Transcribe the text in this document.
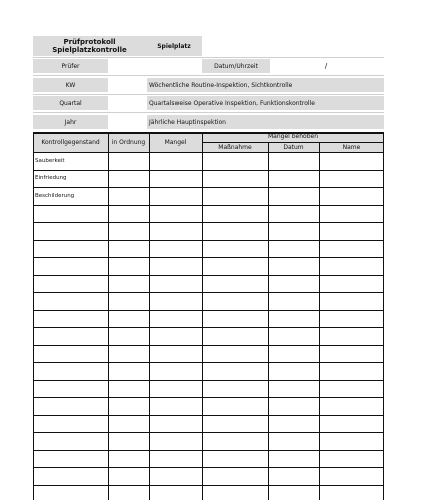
Prüfprotokoll Spielplatzkontrolle	Spielplatz
Prüfer	Datum/Uhrzeit	/
KW	Wöchentliche Routine-Inspektion, Sichtkontrolle
Quartal	Quartalsweise Operative Inspektion, Funktionskontrolle
Jahr	Jährliche Hauptinspektion
Kontrollgegenstand	in Ordnung	Mangel
Mangel behoben
Maßnahme	Datum	Name
Sauberkeit
Einfriedung
Beschilderung
